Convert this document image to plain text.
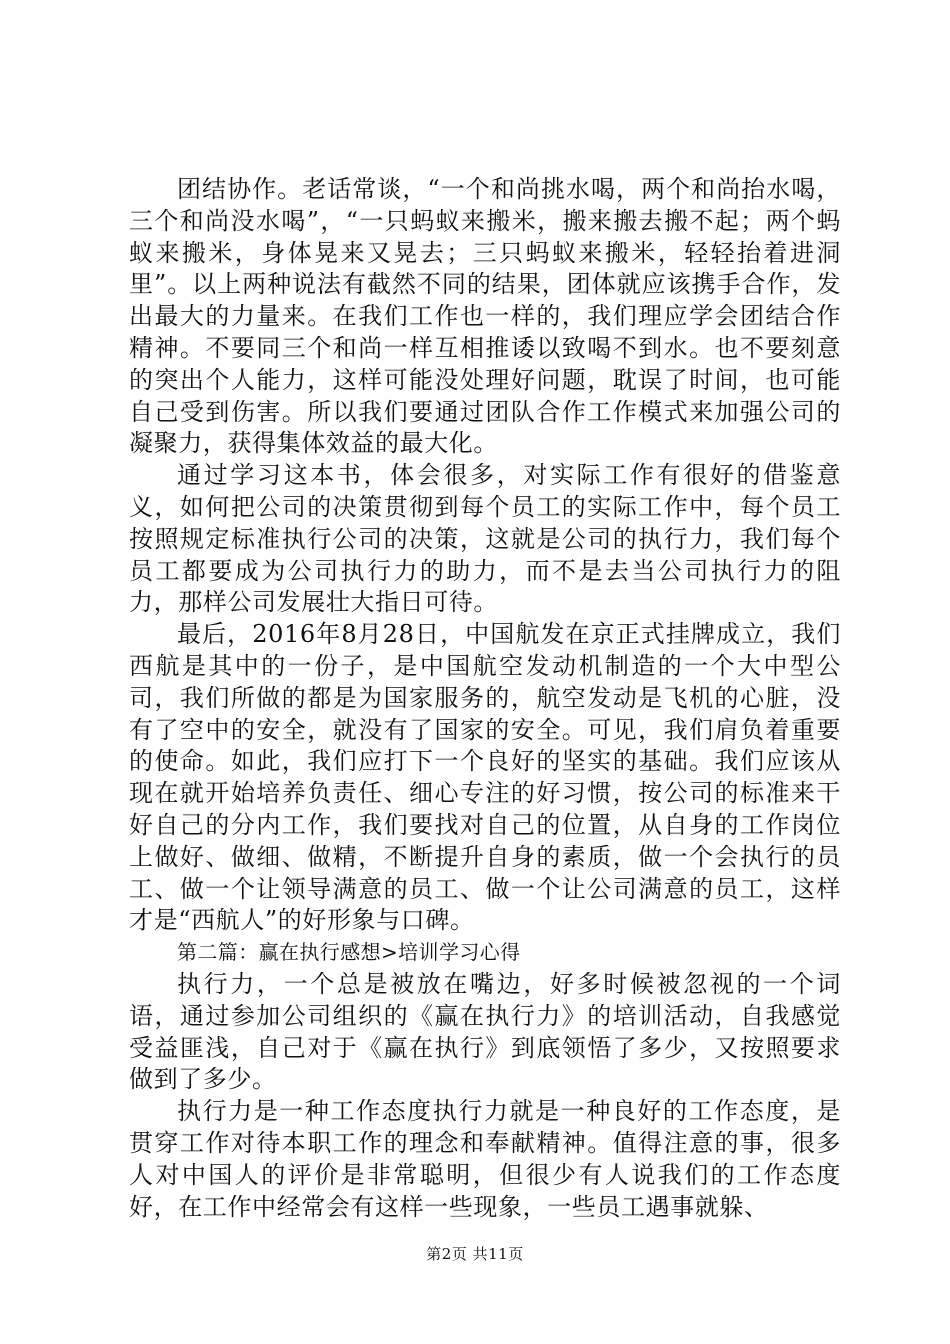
团结协作。老话常谈，“一个和尚挑水喝，两个和尚抬水喝，三个和尚没水喝”，“一只蚂蚁来搬米，搬来搬去搬不起；两个蚂蚁来搬米，身体晃来又晃去；三只蚂蚁来搬米，轻轻抬着进洞里”。以上两种说法有截然不同的结果，团体就应该携手合作，发出最大的力量来。在我们工作也一样的，我们理应学会团结合作精神。不要同三个和尚一样互相推诿以致喝不到水。也不要刻意的突出个人能力，这样可能没处理好问题，耽误了时间，也可能自己受到伤害。所以我们要通过团队合作工作模式来加强公司的凝聚力，获得集体效益的最大化。

通过学习这本书，体会很多，对实际工作有很好的借鉴意义，如何把公司的决策贯彻到每个员工的实际工作中，每个员工按照规定标准执行公司的决策，这就是公司的执行力，我们每个员工都要成为公司执行力的助力，而不是去当公司执行力的阻力，那样公司发展壮大指日可待。

最后，2016年8月28日，中国航发在京正式挂牌成立，我们西航是其中的一份子，是中国航空发动机制造的一个大中型公司，我们所做的都是为国家服务的，航空发动是飞机的心脏，没有了空中的安全，就没有了国家的安全。可见，我们肩负着重要的使命。如此，我们应打下一个良好的坚实的基础。我们应该从现在就开始培养负责任、细心专注的好习惯，按公司的标准来干好自己的分内工作，我们要找对自己的位置，从自身的工作岗位上做好、做细、做精，不断提升自身的素质，做一个会执行的员工、做一个让领导满意的员工、做一个让公司满意的员工，这样才是“西航人”的好形象与口碑。

第二篇：赢在执行感想>培训学习心得

执行力，一个总是被放在嘴边，好多时候被忽视的一个词语，通过参加公司组织的《赢在执行力》的培训活动，自我感觉受益匪浅，自己对于《赢在执行》到底领悟了多少，又按照要求做到了多少。

执行力是一种工作态度执行力就是一种良好的工作态度，是贯穿工作对待本职工作的理念和奉献精神。值得注意的事，很多人对中国人的评价是非常聪明，但很少有人说我们的工作态度好，在工作中经常会有这样一些现象，一些员工遇事就躲、

第2页 共11页
